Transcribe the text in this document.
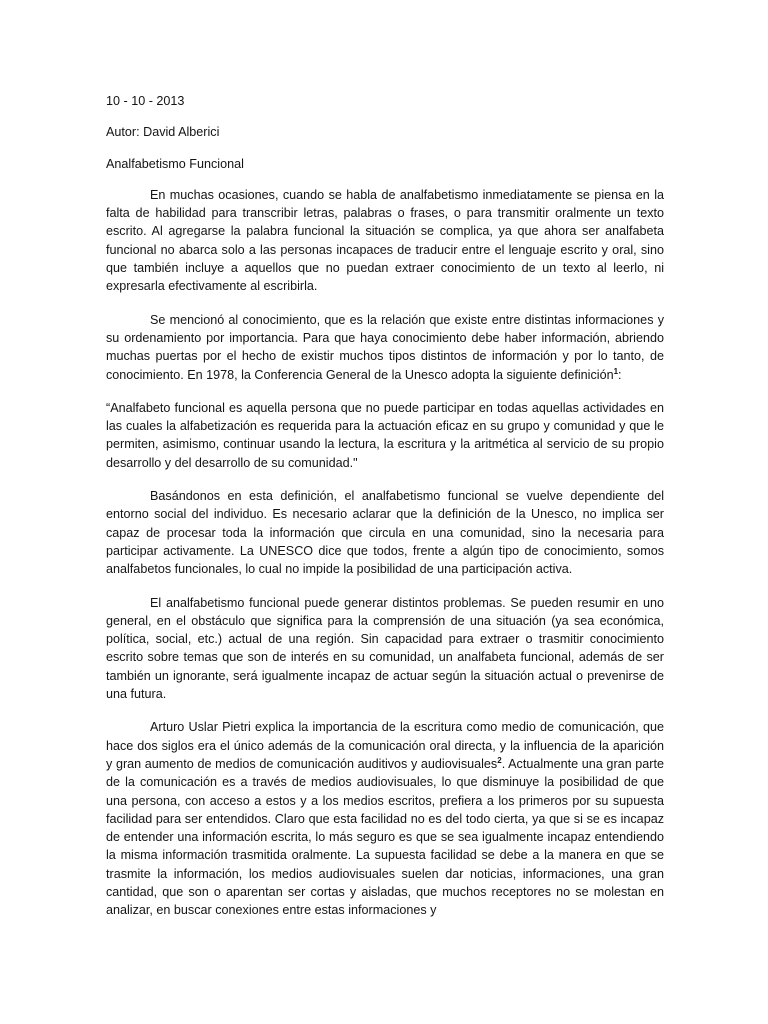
10 - 10 - 2013
Autor: David Alberici
Analfabetismo Funcional

En muchas ocasiones, cuando se habla de analfabetismo inmediatamente se piensa en la falta de habilidad para transcribir letras, palabras o frases, o para transmitir oralmente un texto escrito. Al agregarse la palabra funcional la situación se complica, ya que ahora ser analfabeta funcional no abarca solo a las personas incapaces de traducir entre el lenguaje escrito y oral, sino que también incluye a aquellos que no puedan extraer conocimiento de un texto al leerlo, ni expresarla efectivamente al escribirla.

Se mencionó al conocimiento, que es la relación que existe entre distintas informaciones y su ordenamiento por importancia. Para que haya conocimiento debe haber información, abriendo muchas puertas por el hecho de existir muchos tipos distintos de información y por lo tanto, de conocimiento. En 1978, la Conferencia General de la Unesco adopta la siguiente definición$^1$:

“Analfabeto funcional es aquella persona que no puede participar en todas aquellas actividades en las cuales la alfabetización es requerida para la actuación eficaz en su grupo y comunidad y que le permiten, asimismo, continuar usando la lectura, la escritura y la aritmética al servicio de su propio desarrollo y del desarrollo de su comunidad."

Basándonos en esta definición, el analfabetismo funcional se vuelve dependiente del entorno social del individuo. Es necesario aclarar que la definición de la Unesco, no implica ser capaz de procesar toda la información que circula en una comunidad, sino la necesaria para participar activamente. La UNESCO dice que todos, frente a algún tipo de conocimiento, somos analfabetos funcionales, lo cual no impide la posibilidad de una participación activa.

El analfabetismo funcional puede generar distintos problemas. Se pueden resumir en uno general, en el obstáculo que significa para la comprensión de una situación (ya sea económica, política, social, etc.) actual de una región. Sin capacidad para extraer o trasmitir conocimiento escrito sobre temas que son de interés en su comunidad, un analfabeta funcional, además de ser también un ignorante, será igualmente incapaz de actuar según la situación actual o prevenirse de una futura.

Arturo Uslar Pietri explica la importancia de la escritura como medio de comunicación, que hace dos siglos era el único además de la comunicación oral directa, y la influencia de la aparición y gran aumento de medios de comunicación auditivos y audiovisuales$^2$. Actualmente una gran parte de la comunicación es a través de medios audiovisuales, lo que disminuye la posibilidad de que una persona, con acceso a estos y a los medios escritos, prefiera a los primeros por su supuesta facilidad para ser entendidos. Claro que esta facilidad no es del todo cierta, ya que si se es incapaz de entender una información escrita, lo más seguro es que se sea igualmente incapaz entendiendo la misma información trasmitida oralmente. La supuesta facilidad se debe a la manera en que se trasmite la información, los medios audiovisuales suelen dar noticias, informaciones, una gran cantidad, que son o aparentan ser cortas y aisladas, que muchos receptores no se molestan en analizar, en buscar conexiones entre estas informaciones y
